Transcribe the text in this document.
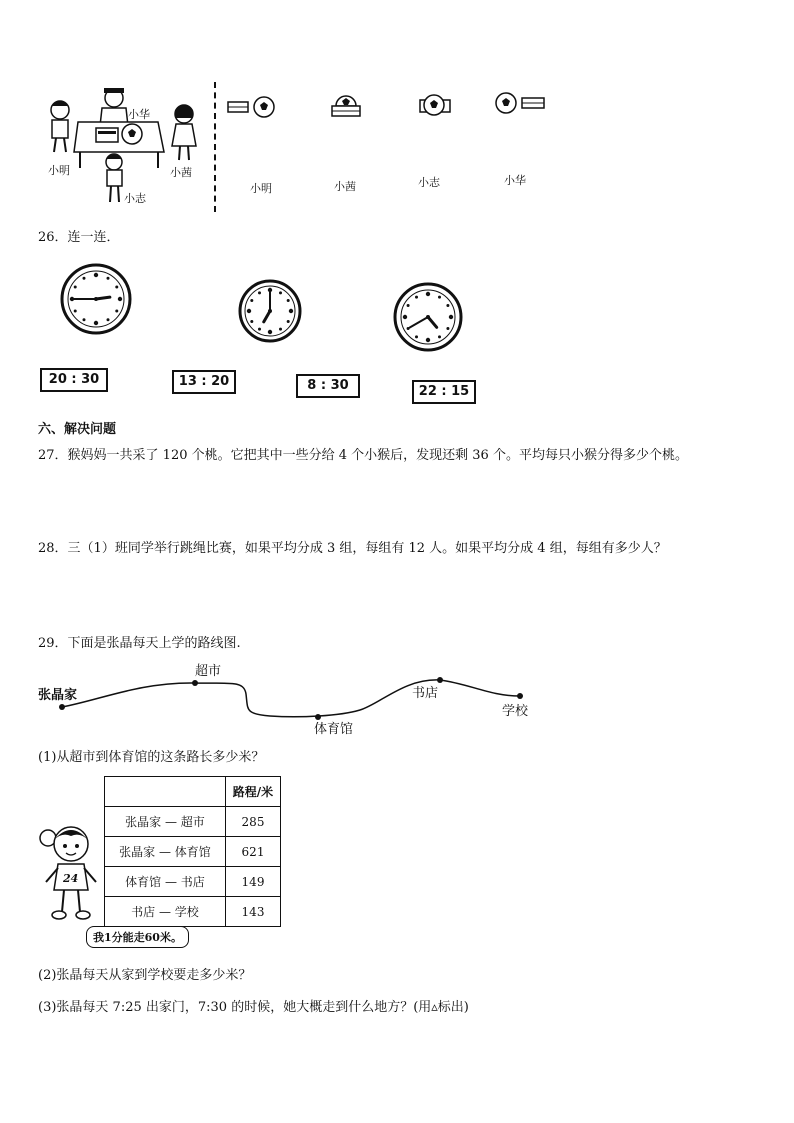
小明
小华
小茜
小志
小明	小茜	小志	小华
26．连一连．
20 : 30	13 : 20	8 : 30	22 : 15
六、解决问题
27．猴妈妈一共采了 120 个桃。它把其中一些分给 4 个小猴后，发现还剩 36 个。平均每只小猴分得多少个桃。
28．三（1）班同学举行跳绳比赛，如果平均分成 3 组，每组有 12 人。如果平均分成 4 组，每组有多少人？
29．下面是张晶每天上学的路线图.
张晶家
超市
体育馆
书店
学校
(1)从超市到体育馆的这条路长多少米？
24
	路程/米
张晶家 — 超市	285
张晶家 — 体育馆	621
体育馆 — 书店	149
书店 — 学校	143
我1分能走60米。
(2)张晶每天从家到学校要走多少米？
(3)张晶每天 7:25 出家门，7:30 的时候，她大概走到什么地方？(用▵标出)
